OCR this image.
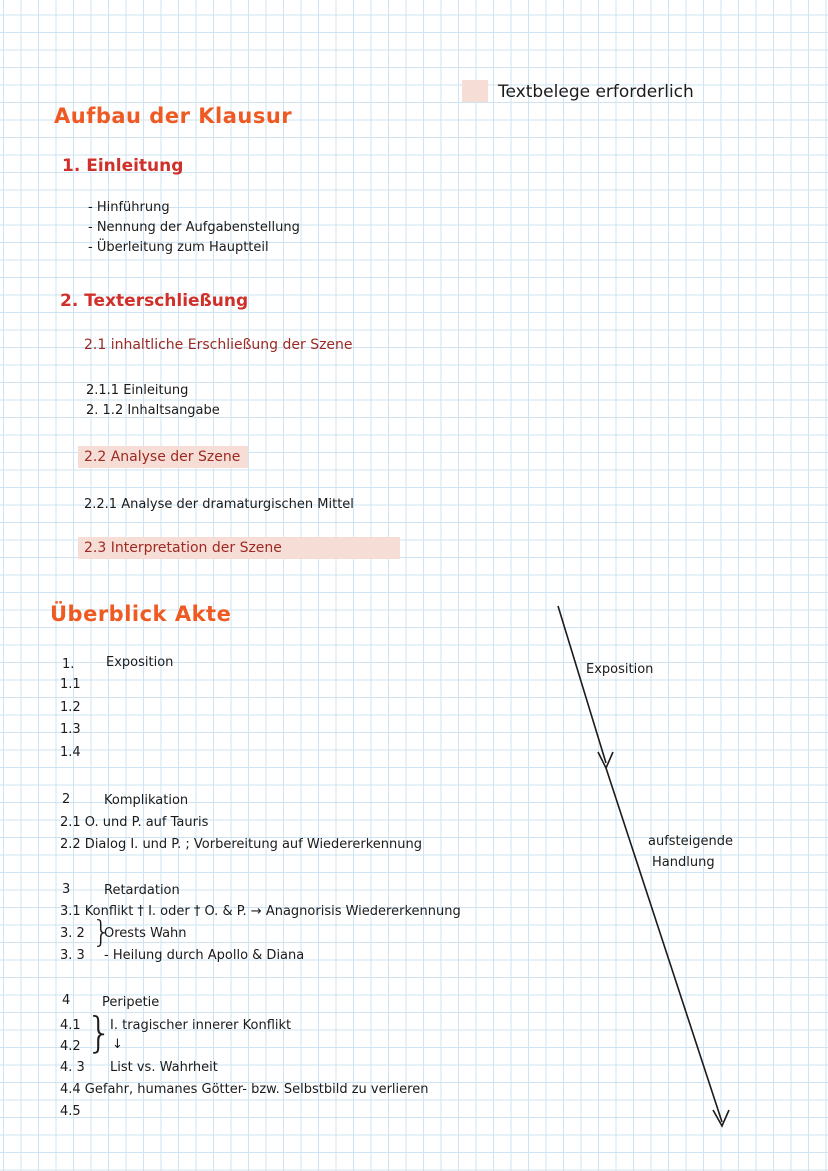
Textbelege erforderlich
Aufbau der Klausur
1. Einleitung
- Hinführung
- Nennung der Aufgabenstellung
- Überleitung zum Hauptteil
2. Texterschließung
2.1 inhaltliche Erschließung der Szene
2.1.1 Einleitung
2. 1.2 Inhaltsangabe
2.2 Analyse der Szene
2.2.1 Analyse der dramaturgischen Mittel
2.3 Interpretation der Szene
Überblick Akte
1. Exposition
1.1
1.2
1.3
1.4
2	Komplikation
2.1 O. und P. auf Tauris
2.2 Dialog I. und P. ; Vorbereitung auf Wiedererkennung
3	Retardation
3.1 Konflikt † I. oder † O. & P. → Anagnorisis Wiedererkennung
3. 2
3. 3
}
Orests Wahn
- Heilung durch Apollo & Diana
4 Peripetie
4.1
4.2
4. 3
}
I. tragischer innerer Konflikt
↓
List vs. Wahrheit
4.4 Gefahr, humanes Götter- bzw. Selbstbild zu verlieren
4.5
Exposition
aufsteigende
Handlung
